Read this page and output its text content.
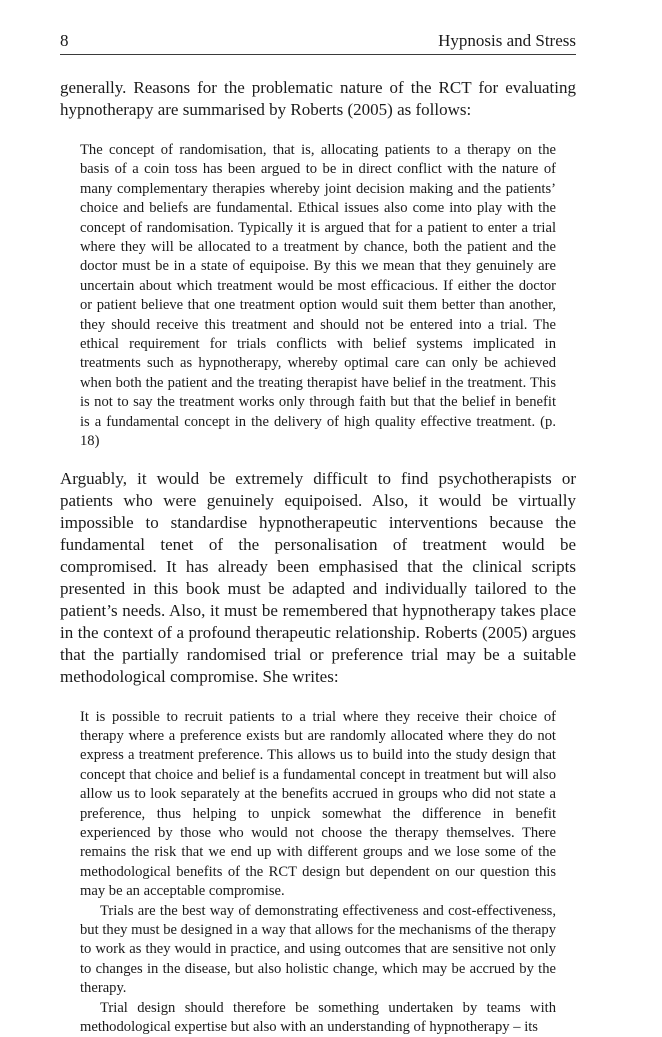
8	Hypnosis and Stress

generally. Reasons for the problematic nature of the RCT for evaluating hypnotherapy are summarised by Roberts (2005) as follows:

The concept of randomisation, that is, allocating patients to a therapy on the basis of a coin toss has been argued to be in direct conflict with the nature of many complementary therapies whereby joint decision making and the patients’ choice and beliefs are fundamental. Ethical issues also come into play with the concept of randomisation. Typically it is argued that for a patient to enter a trial where they will be allocated to a treatment by chance, both the patient and the doctor must be in a state of equipoise. By this we mean that they genuinely are uncertain about which treatment would be most efficacious. If either the doctor or patient believe that one treatment option would suit them better than another, they should receive this treatment and should not be entered into a trial. The ethical requirement for trials conflicts with belief systems implicated in treatments such as hypnotherapy, whereby optimal care can only be achieved when both the patient and the treating therapist have belief in the treatment. This is not to say the treatment works only through faith but that the belief in benefit is a fundamental concept in the delivery of high quality effective treatment. (p. 18)

Arguably, it would be extremely difficult to find psychotherapists or patients who were genuinely equipoised. Also, it would be virtually impossible to standardise hypnotherapeutic interventions because the fundamental tenet of the personalisation of treatment would be compromised. It has already been emphasised that the clinical scripts presented in this book must be adapted and individually tailored to the patient’s needs. Also, it must be remembered that hypnotherapy takes place in the context of a profound therapeutic relationship. Roberts (2005) argues that the partially randomised trial or preference trial may be a suitable methodological compromise. She writes:

It is possible to recruit patients to a trial where they receive their choice of therapy where a preference exists but are randomly allocated where they do not express a treatment preference. This allows us to build into the study design that concept that choice and belief is a fundamental concept in treatment but will also allow us to look separately at the benefits accrued in groups who did not state a preference, thus helping to unpick somewhat the difference in benefit experienced by those who would not choose the therapy themselves. There remains the risk that we end up with different groups and we lose some of the methodological benefits of the RCT design but dependent on our question this may be an acceptable compromise.

Trials are the best way of demonstrating effectiveness and cost-effectiveness, but they must be designed in a way that allows for the mechanisms of the therapy to work as they would in practice, and using outcomes that are sensitive not only to changes in the disease, but also holistic change, which may be accrued by the therapy.

Trial design should therefore be something undertaken by teams with methodological expertise but also with an understanding of hypnotherapy – its
